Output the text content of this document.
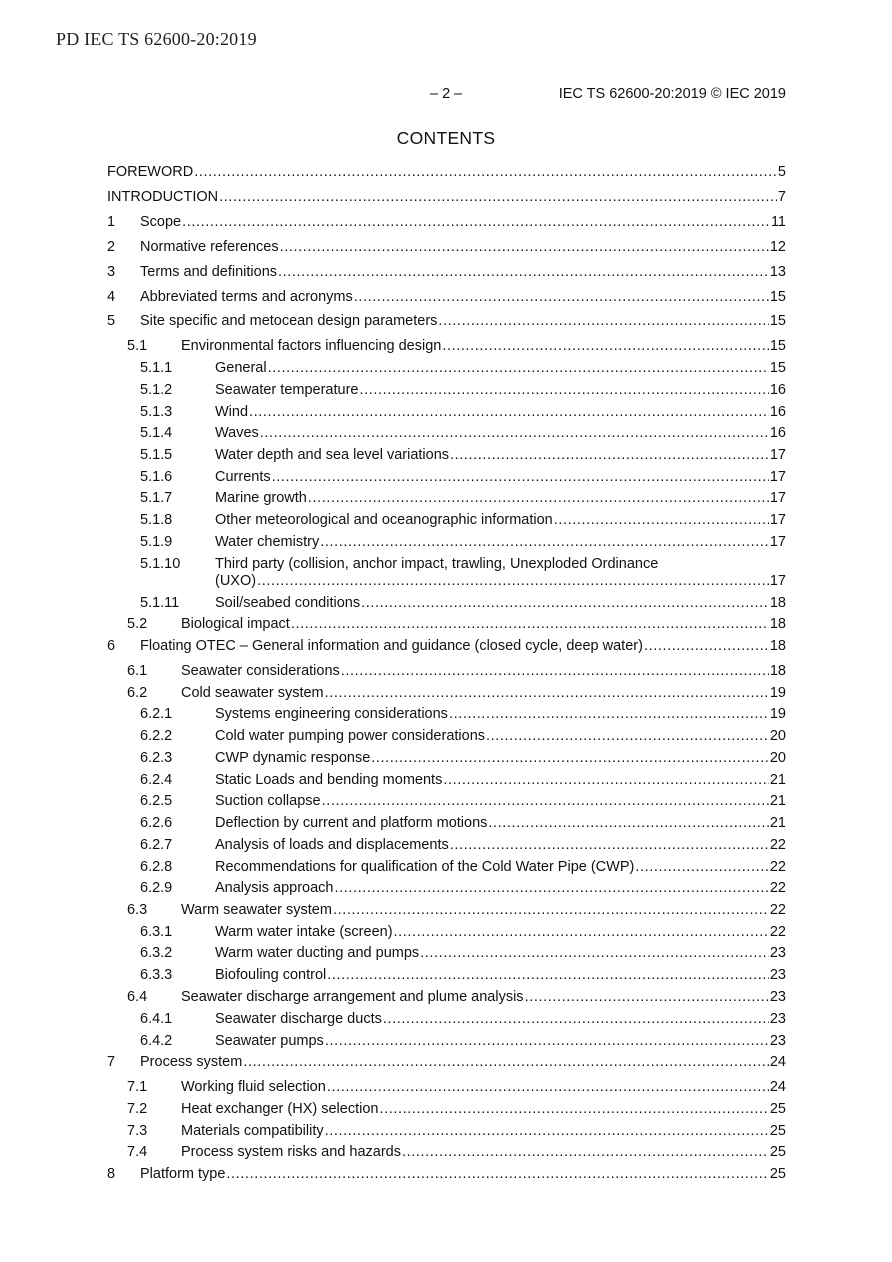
PD IEC TS 62600-20:2019
– 2 –	IEC TS 62600-20:2019 © IEC 2019
CONTENTS
FOREWORD .....	5
INTRODUCTION .....	7
1 Scope .....	11
2 Normative references .....	12
3 Terms and definitions .....	13
4 Abbreviated terms and acronyms .....	15
5 Site specific and metocean design parameters .....	15
5.1 Environmental factors influencing design .....	15
5.1.1	General .....	15
5.1.2	Seawater temperature .....	16
5.1.3	Wind .....	16
5.1.4	Waves .....	16
5.1.5	Water depth and sea level variations .....	17
5.1.6	Currents .....	17
5.1.7	Marine growth .....	17
5.1.8	Other meteorological and oceanographic information .....	17
5.1.9	Water chemistry .....	17
5.1.10 Third party (collision, anchor impact, trawling, Unexploded Ordinance
(UXO) .....	17
5.1.11 Soil/seabed conditions .....	18
5.2 Biological impact .....	18
6 Floating OTEC – General information and guidance (closed cycle, deep water) .....	18
6.1 Seawater considerations .....	18
6.2 Cold seawater system .....	19
6.2.1	Systems engineering considerations .....	19
6.2.2	Cold water pumping power considerations .....	20
6.2.3	CWP dynamic response .....	20
6.2.4	Static Loads and bending moments .....	21
6.2.5	Suction collapse .....	21
6.2.6	Deflection by current and platform motions .....	21
6.2.7	Analysis of loads and displacements .....	22
6.2.8	Recommendations for qualification of the Cold Water Pipe (CWP) .....	22
6.2.9	Analysis approach .....	22
6.3 Warm seawater system .....	22
6.3.1	Warm water intake (screen) .....	22
6.3.2	Warm water ducting and pumps .....	23
6.3.3	Biofouling control .....	23
6.4 Seawater discharge arrangement and plume analysis .....	23
6.4.1	Seawater discharge ducts .....	23
6.4.2	Seawater pumps .....	23
7 Process system .....	24
7.1 Working fluid selection .....	24
7.2 Heat exchanger (HX) selection .....	25
7.3 Materials compatibility .....	25
7.4 Process system risks and hazards .....	25
8 Platform type .....	25
